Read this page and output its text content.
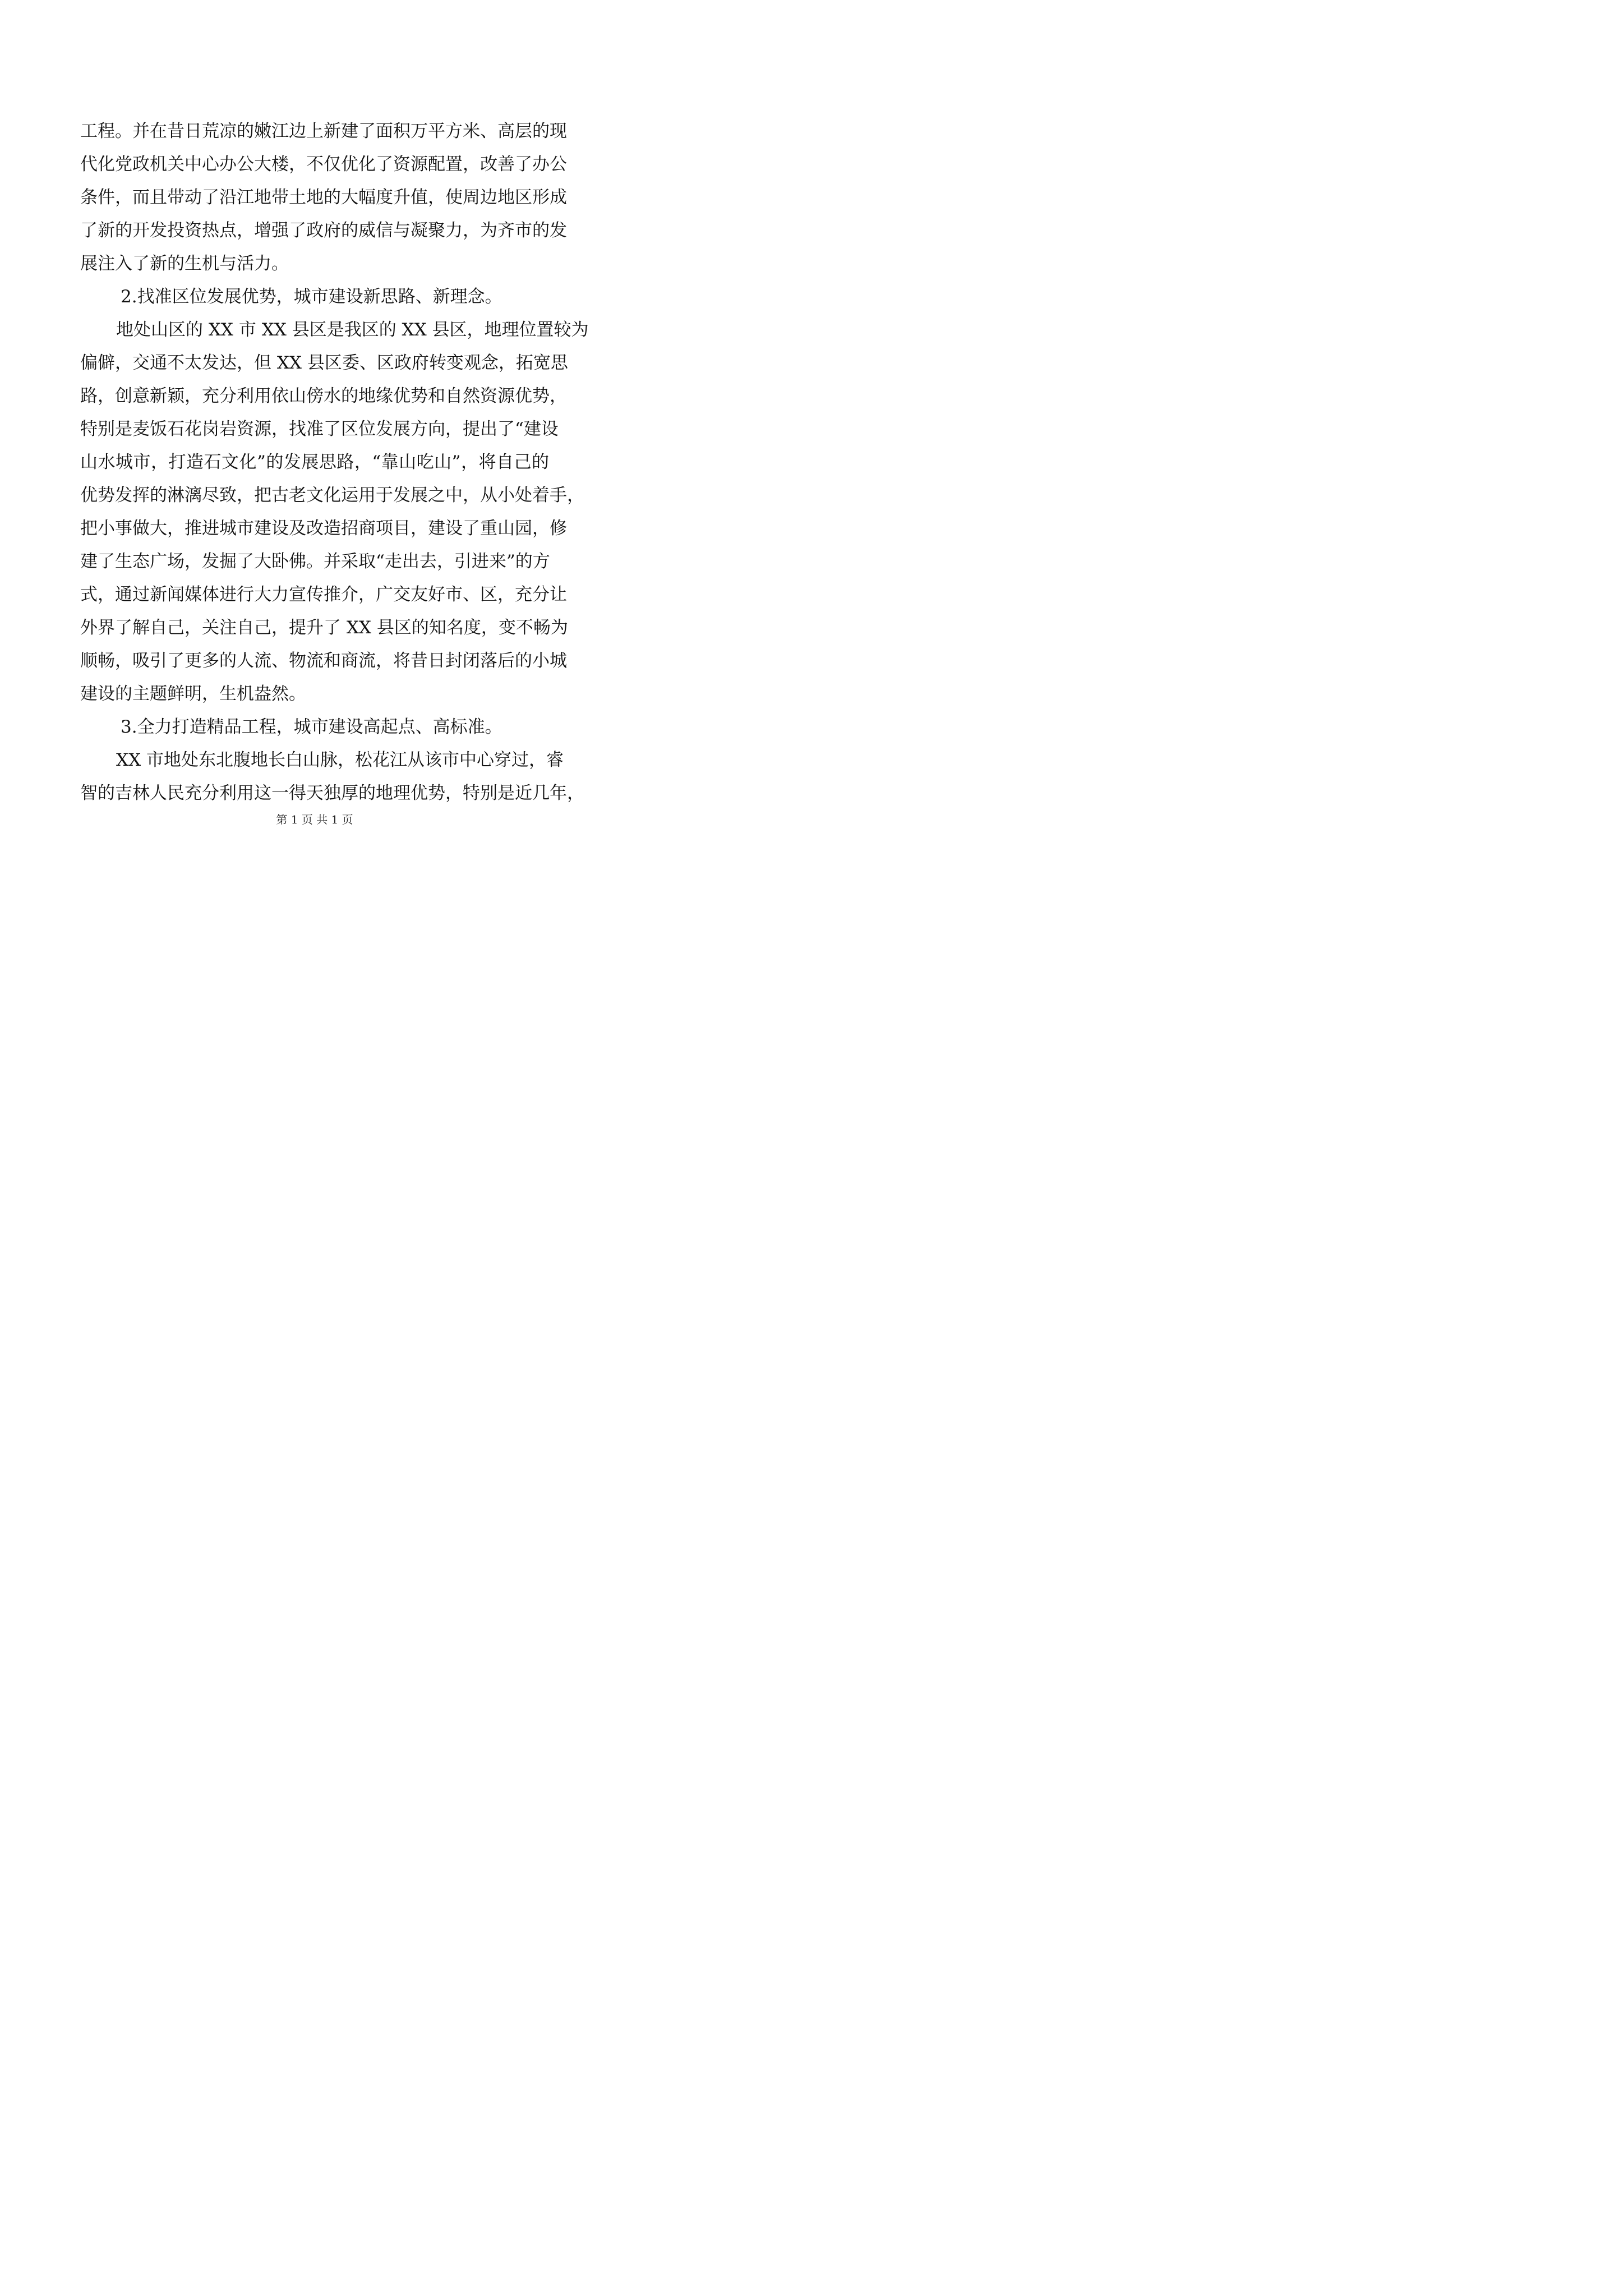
工程。并在昔日荒凉的嫩江边上新建了面积万平方米、高层的现
代化党政机关中心办公大楼，不仅优化了资源配置，改善了办公
条件，而且带动了沿江地带土地的大幅度升值，使周边地区形成
了新的开发投资热点，增强了政府的威信与凝聚力，为齐市的发
展注入了新的生机与活力。
2.找准区位发展优势，城市建设新思路、新理念。
地处山区的 XX 市 XX 县区是我区的 XX 县区，地理位置较为
偏僻，交通不太发达，但 XX 县区委、区政府转变观念，拓宽思
路，创意新颖，充分利用依山傍水的地缘优势和自然资源优势，
特别是麦饭石花岗岩资源，找准了区位发展方向，提出了“建设
山水城市，打造石文化”的发展思路，“靠山吃山”，将自己的
优势发挥的淋漓尽致，把古老文化运用于发展之中，从小处着手，
把小事做大，推进城市建设及改造招商项目，建设了重山园，修
建了生态广场，发掘了大卧佛。并采取“走出去，引进来”的方
式，通过新闻媒体进行大力宣传推介，广交友好市、区，充分让
外界了解自己，关注自己，提升了 XX 县区的知名度，变不畅为
顺畅，吸引了更多的人流、物流和商流，将昔日封闭落后的小城
建设的主题鲜明，生机盎然。
3.全力打造精品工程，城市建设高起点、高标准。
XX 市地处东北腹地长白山脉，松花江从该市中心穿过，睿
智的吉林人民充分利用这一得天独厚的地理优势，特别是近几年，
第 1 页 共 1 页
